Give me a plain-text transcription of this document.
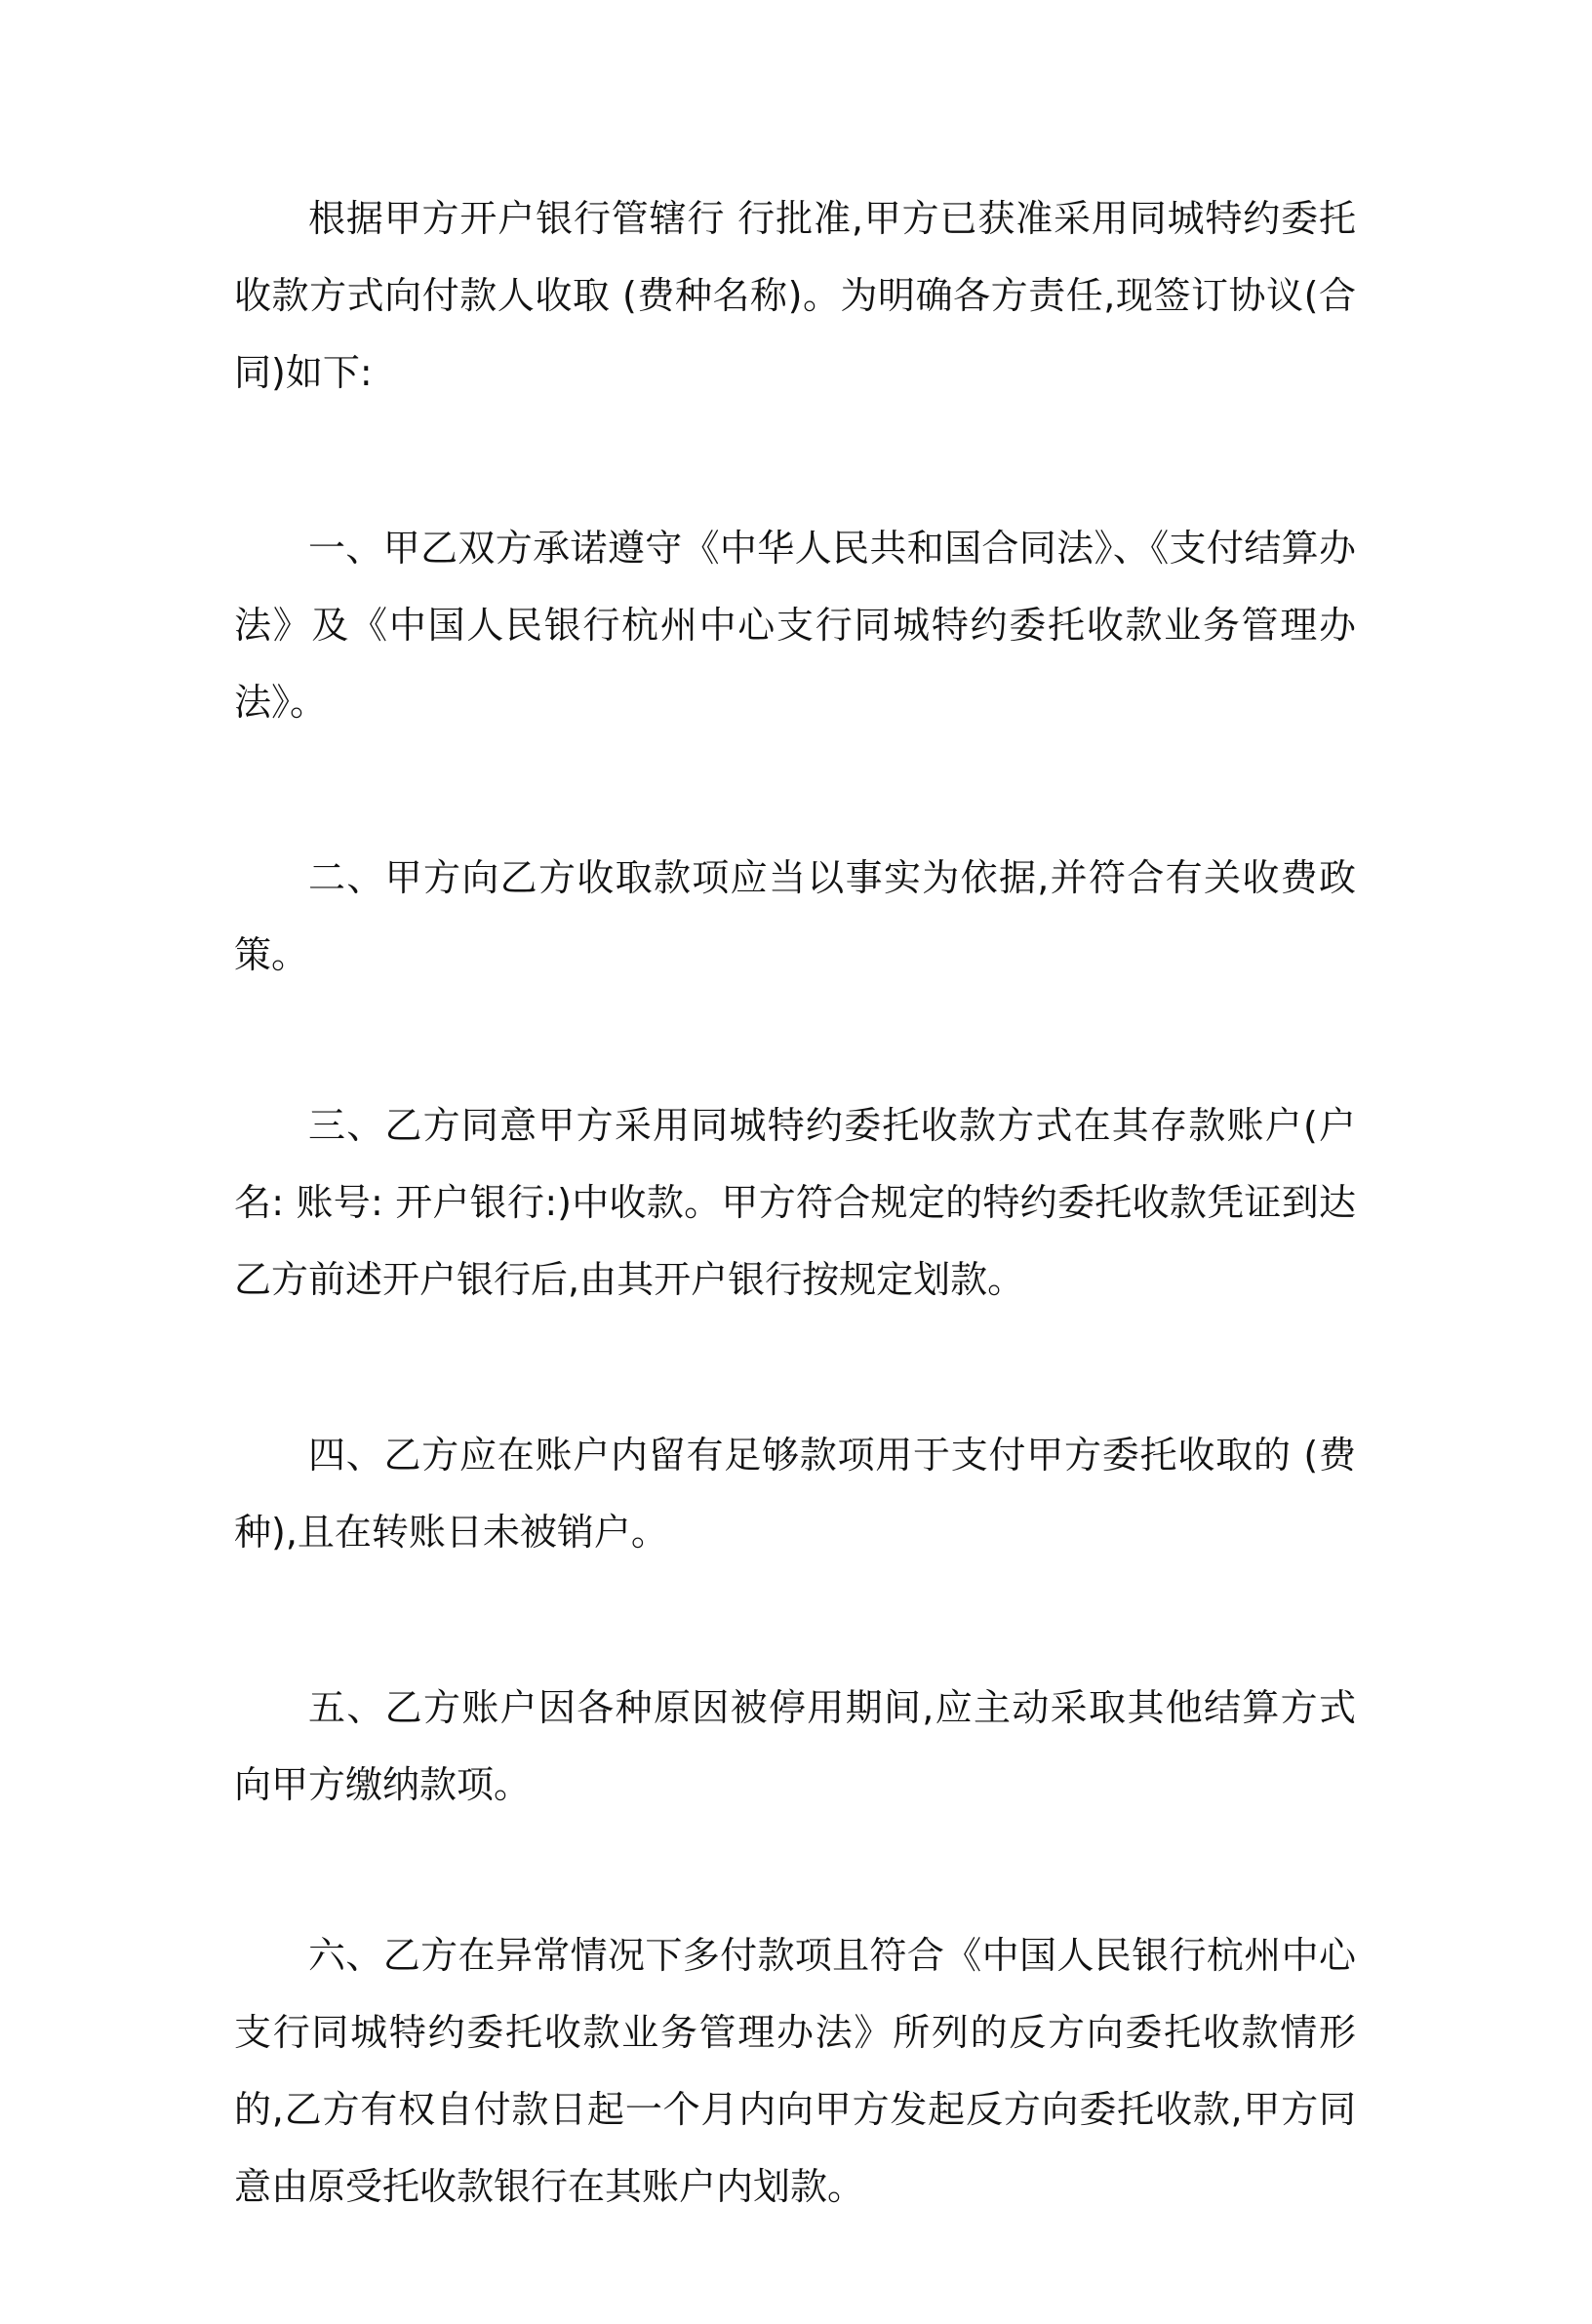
根据甲方开户银行管辖行 行批准,甲方已获准采用同城特约委托收款方式向付款人收取 (费种名称)。为明确各方责任,现签订协议(合同)如下:

一、甲乙双方承诺遵守《中华人民共和国合同法》、《支付结算办法》及《中国人民银行杭州中心支行同城特约委托收款业务管理办法》。

二、甲方向乙方收取款项应当以事实为依据,并符合有关收费政策。

三、乙方同意甲方采用同城特约委托收款方式在其存款账户(户名: 账号: 开户银行:)中收款。甲方符合规定的特约委托收款凭证到达乙方前述开户银行后,由其开户银行按规定划款。

四、乙方应在账户内留有足够款项用于支付甲方委托收取的 (费种),且在转账日未被销户。

五、乙方账户因各种原因被停用期间,应主动采取其他结算方式向甲方缴纳款项。

六、乙方在异常情况下多付款项且符合《中国人民银行杭州中心支行同城特约委托收款业务管理办法》所列的反方向委托收款情形的,乙方有权自付款日起一个月内向甲方发起反方向委托收款,甲方同意由原受托收款银行在其账户内划款。
